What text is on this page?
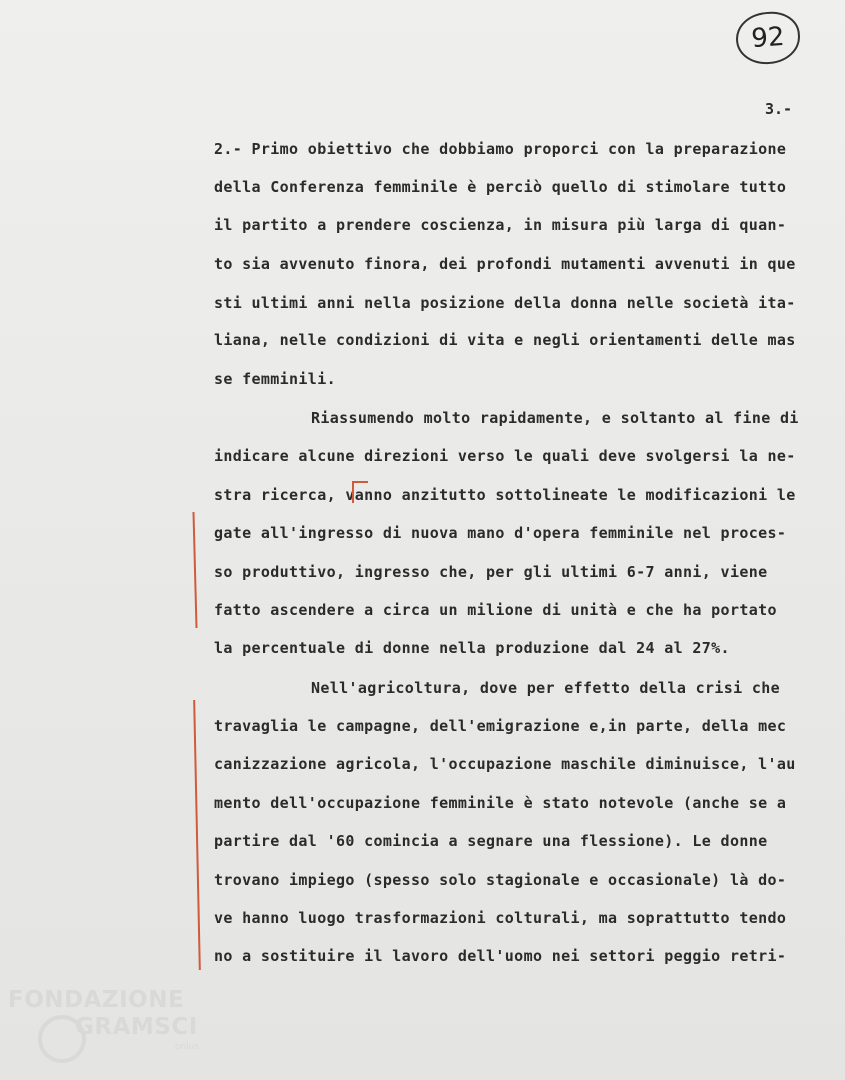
92
3.-
2.- Primo obiettivo che dobbiamo proporci con la preparazione
della Conferenza femminile è perciò quello di stimolare tutto
il partito a prendere coscienza, in misura più larga di quan-
to sia avvenuto finora, dei profondi mutamenti avvenuti in que
sti ultimi anni nella posizione della donna nelle società ita-
liana, nelle condizioni di vita e negli orientamenti delle mas
se femminili.
Riassumendo molto rapidamente, e soltanto al fine di
indicare alcune direzioni verso le quali deve svolgersi la ne-
stra ricerca, vanno anzitutto sottolineate le modificazioni le
gate all'ingresso di nuova mano d'opera femminile nel proces-
so produttivo, ingresso che, per gli ultimi 6-7 anni, viene
fatto ascendere a circa un milione di unità e che ha portato
la percentuale di donne nella produzione dal 24 al 27%.
Nell'agricoltura, dove per effetto della crisi che
travaglia le campagne, dell'emigrazione e,in parte, della mec
canizzazione agricola, l'occupazione maschile diminuisce, l'au
mento dell'occupazione femminile è stato notevole (anche se a
partire dal '60 comincia a segnare una flessione). Le donne
trovano impiego (spesso solo stagionale e occasionale) là do-
ve hanno luogo trasformazioni colturali, ma soprattutto tendo
no a sostituire il lavoro dell'uomo nei settori peggio retri-
FONDAZIONE
GRAMSCI
onlus
